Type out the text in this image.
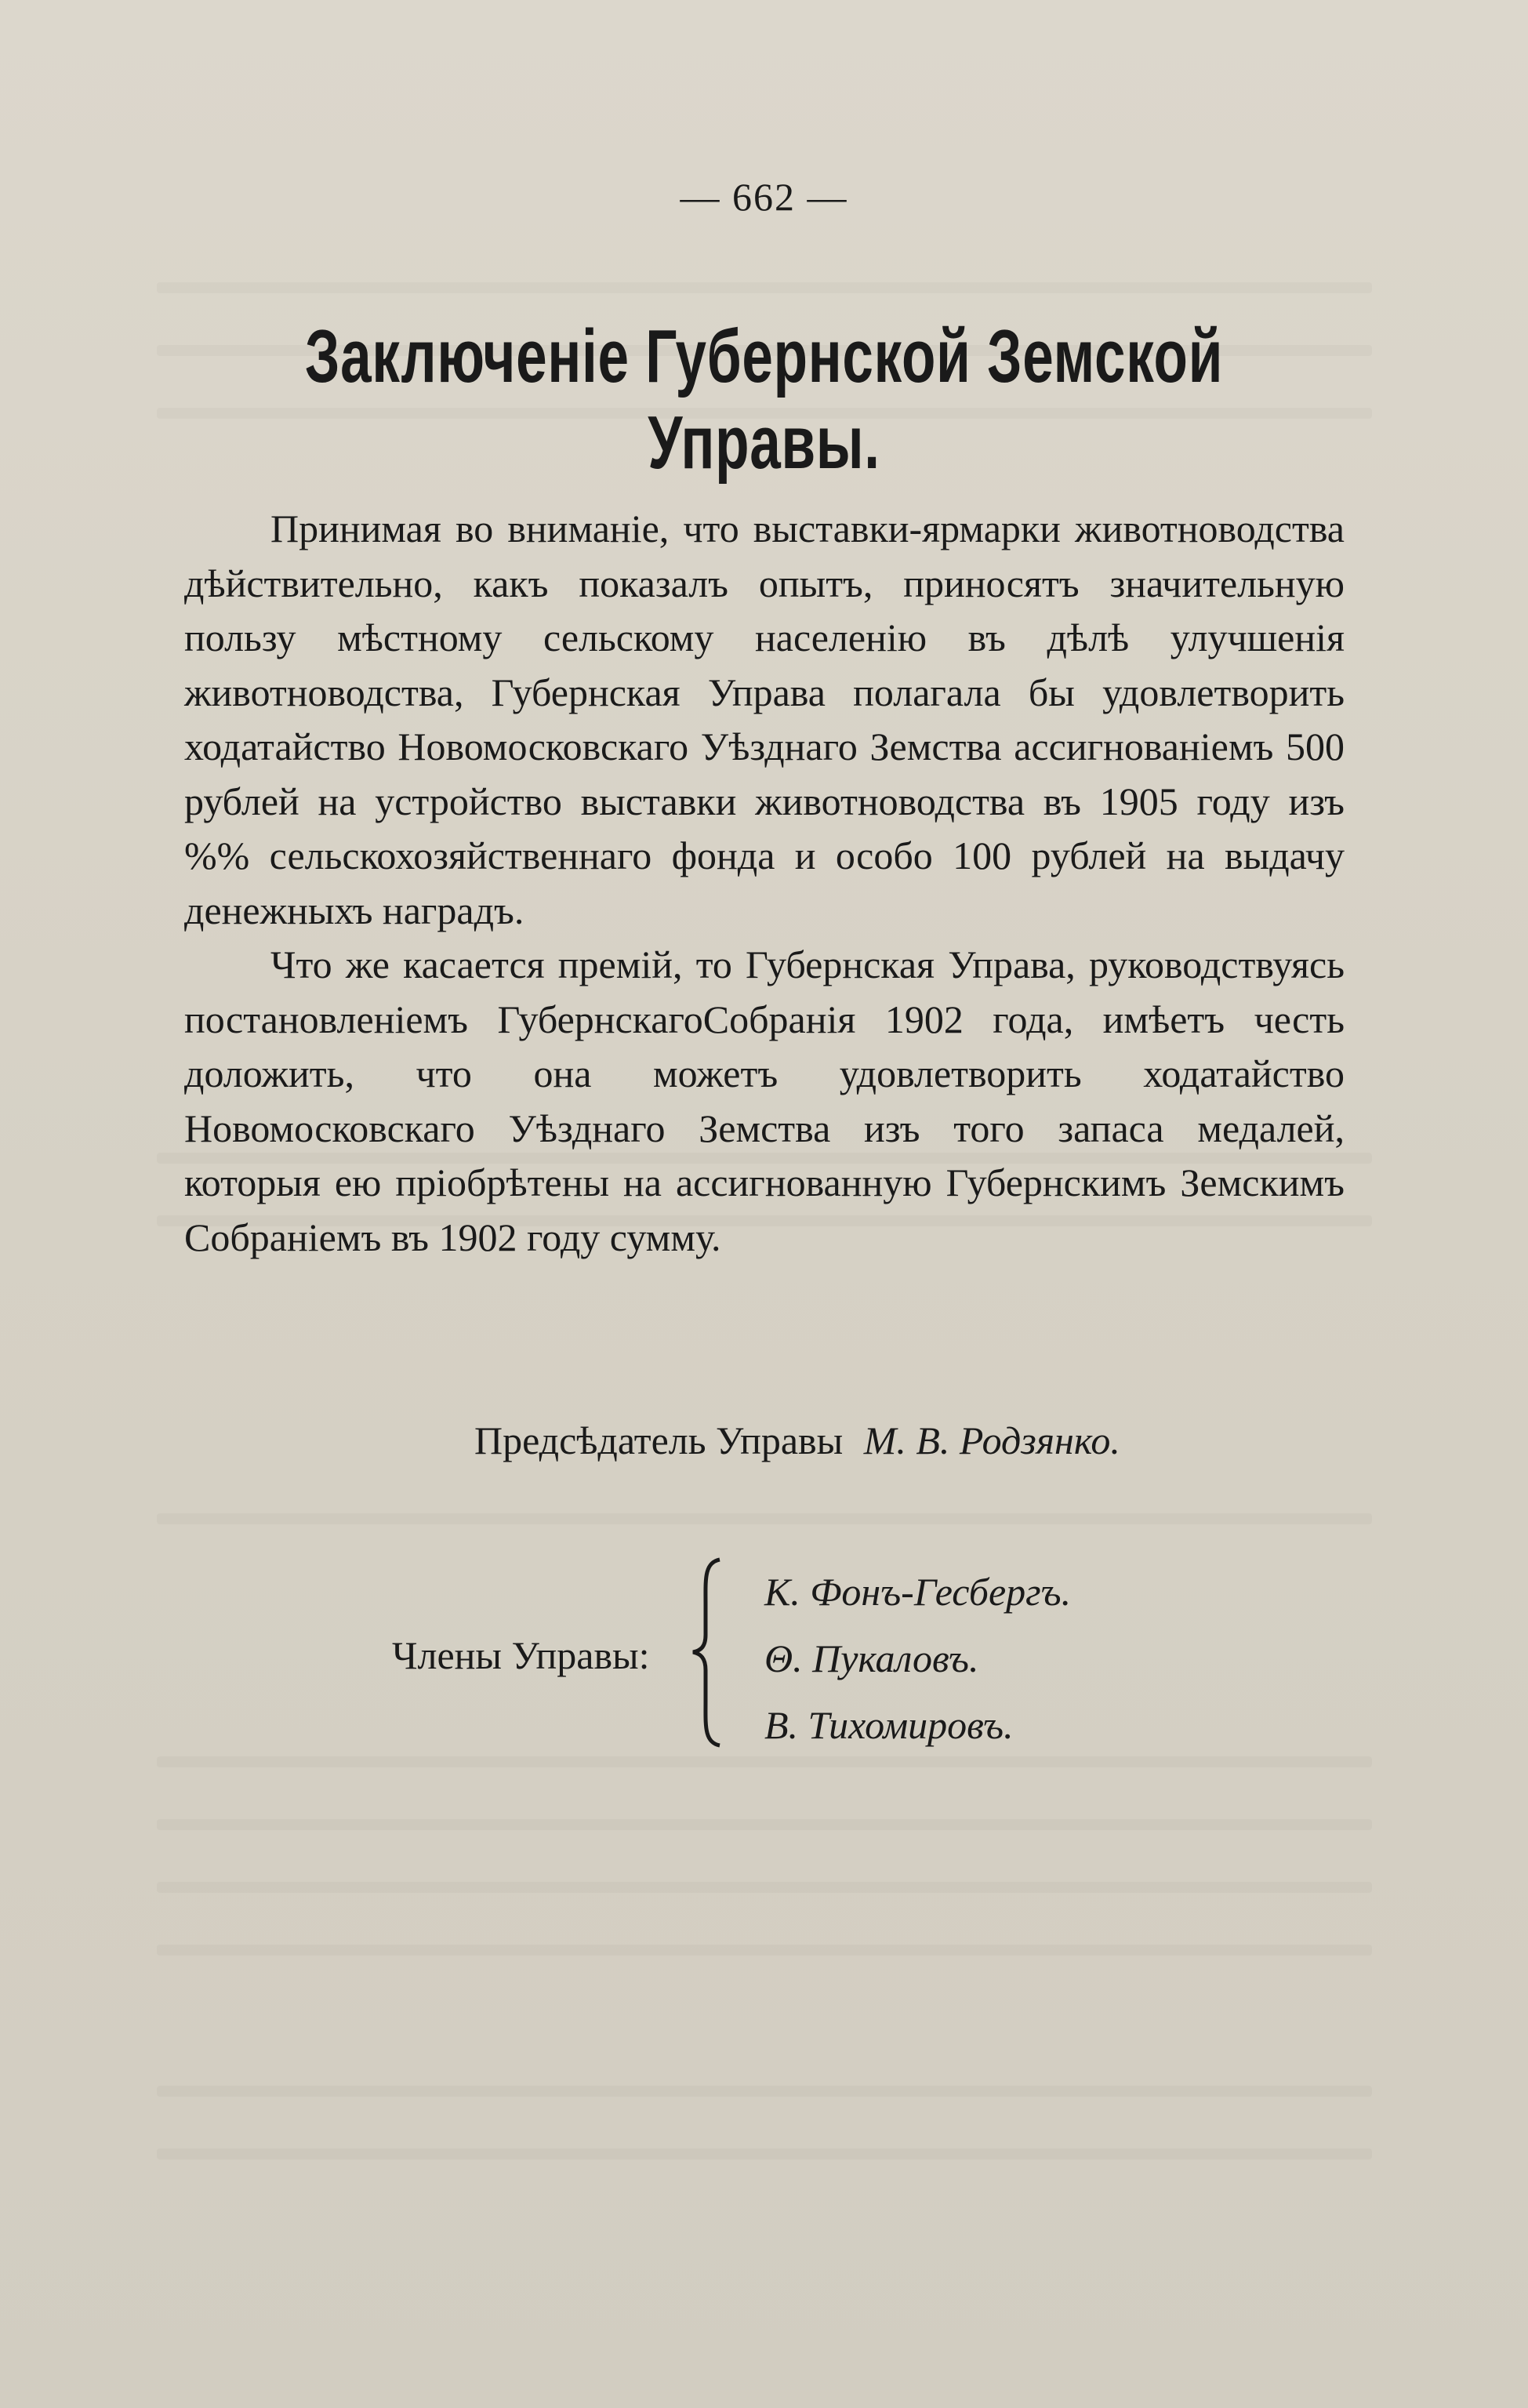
— 662 —
Заключеніе Губернской Земской Управы.

Принимая во вниманіе, что выставки-ярмарки животноводства дѣйствительно, какъ показалъ опытъ, приносятъ значительную пользу мѣстному сельскому населенію въ дѣлѣ улучшенія животноводства, Губернская Управа полагала бы удовлетворить ходатайство Новомосковскаго Уѣзднаго Земства ассигнованіемъ 500 рублей на устройство выставки животноводства въ 1905 году изъ %% сельскохозяйственнаго фонда и особо 100 рублей на выдачу денежныхъ наградъ.

Что же касается премій, то Губернская Управа, руководствуясь постановленіемъ ГубернскагоСобранія 1902 года, имѣетъ честь доложить, что она можетъ удовлетворить ходатайство Новомосковскаго Уѣзднаго Земства изъ того запаса медалей, которыя ею пріобрѣтены на ассигнованную Губернскимъ Земскимъ Собраніемъ въ 1902 году сумму.

Предсѣдатель Управы М. В. Родзянко.
Члены Управы:
К. Фонъ-Гесбергъ.
Θ. Пукаловъ.
В. Тихомировъ.
